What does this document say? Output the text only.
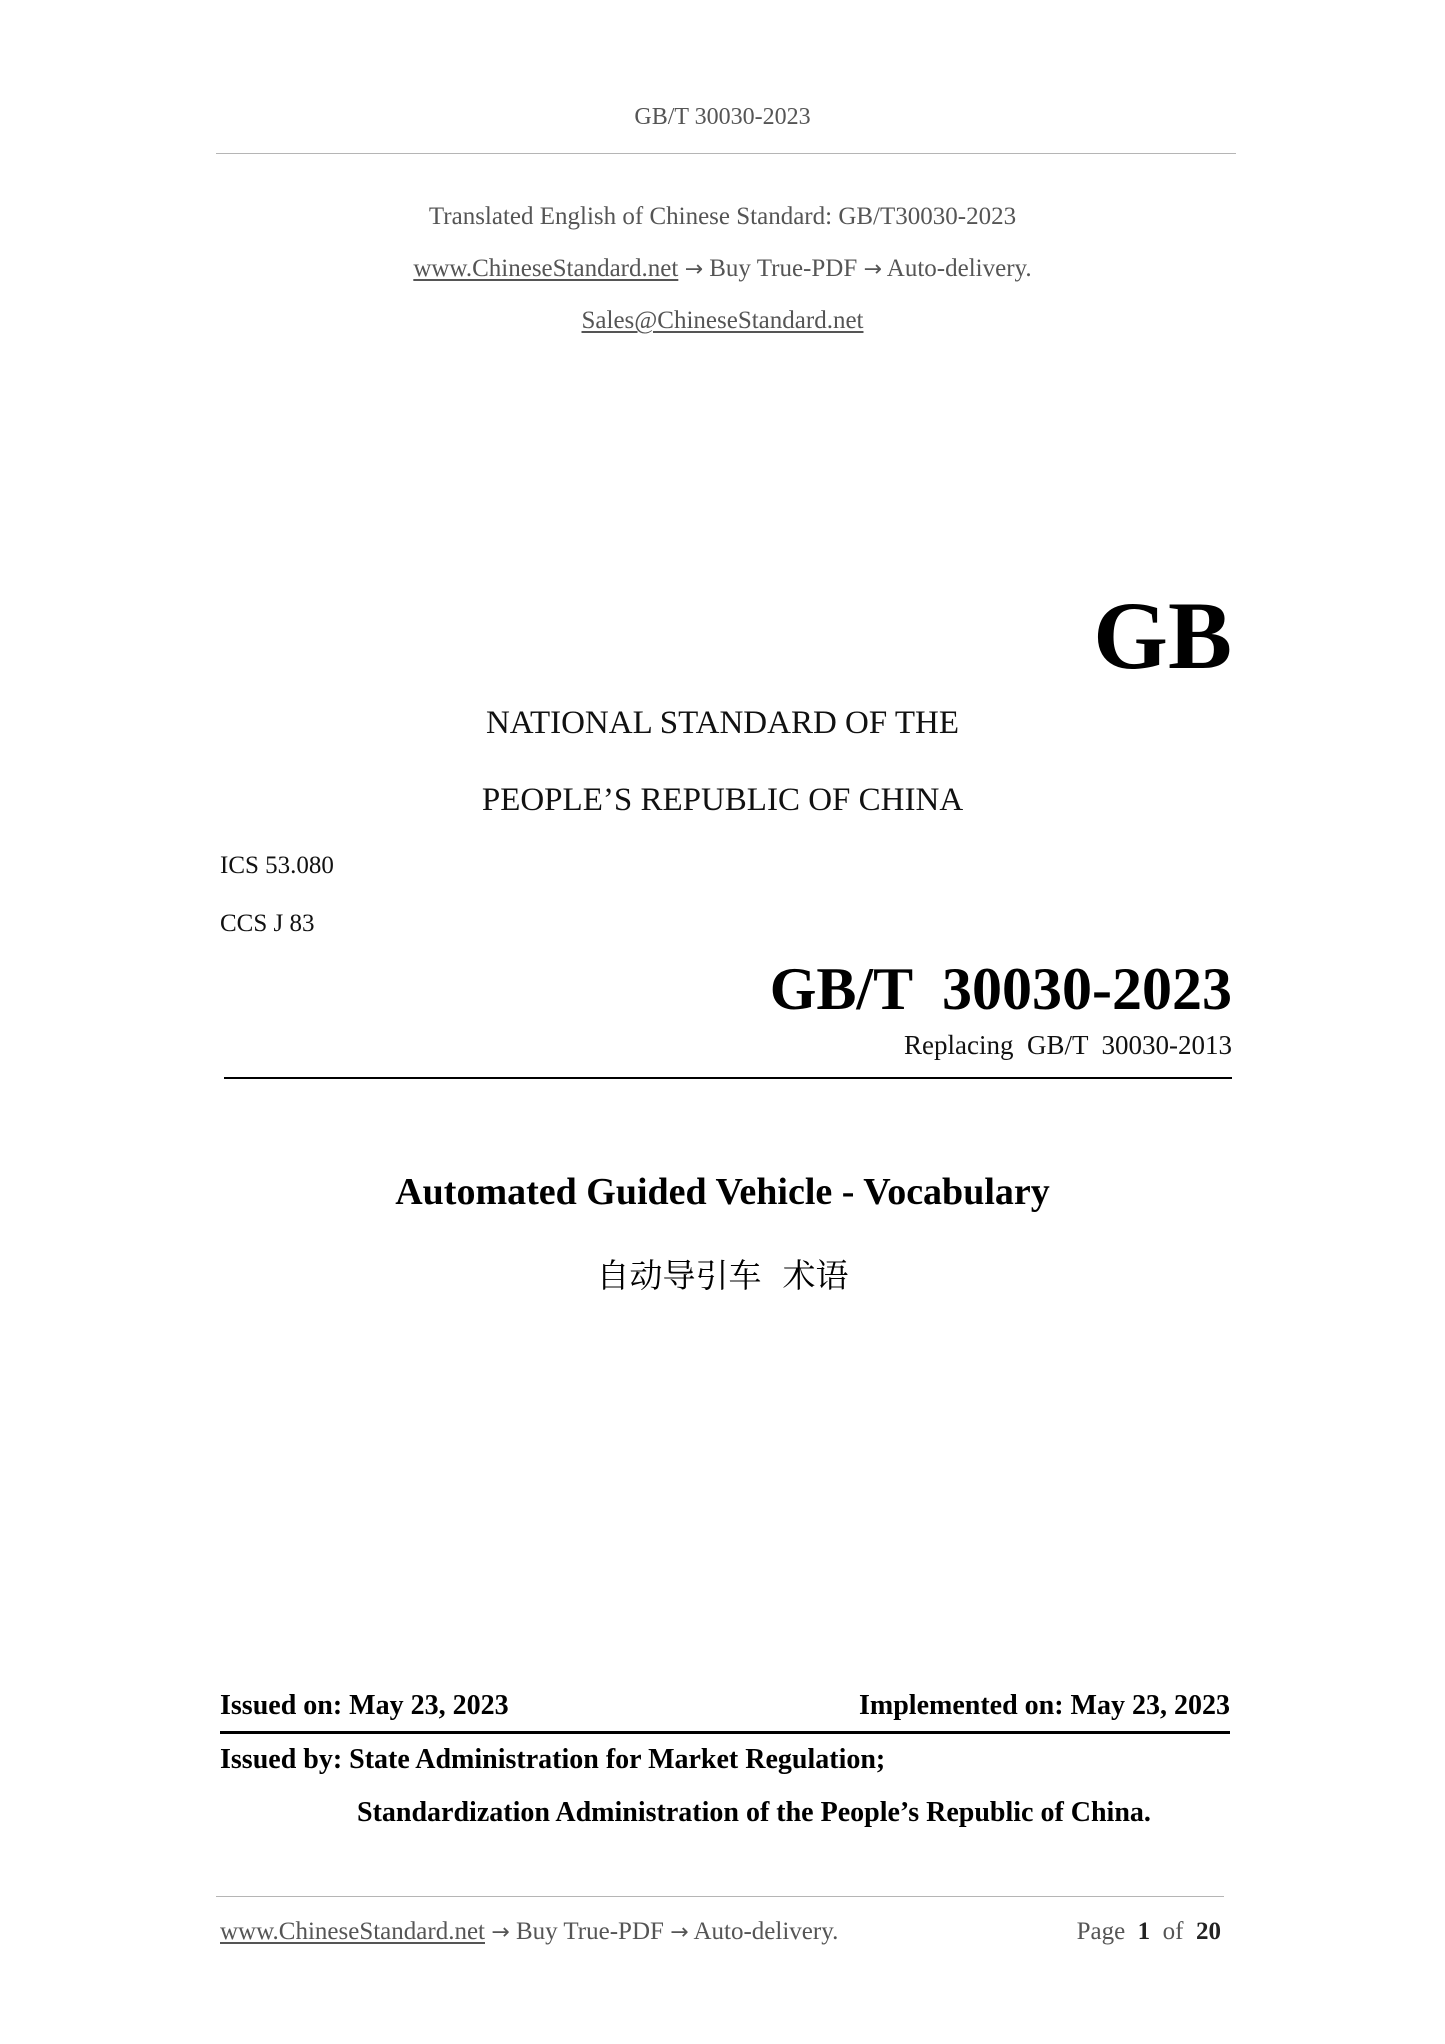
GB/T 30030-2023
Translated English of Chinese Standard: GB/T30030-2023
www.ChineseStandard.net → Buy True-PDF → Auto-delivery.
Sales@ChineseStandard.net
GB
NATIONAL STANDARD OF THE
PEOPLE’S REPUBLIC OF CHINA
ICS 53.080
CCS J 83
GB/T  30030-2023
Replacing  GB/T  30030-2013
Automated Guided Vehicle - Vocabulary
自动导引车  术语
Issued on: May 23, 2023	Implemented on: May 23, 2023
Issued by: State Administration for Market Regulation;
Standardization Administration of the People’s Republic of China.
www.ChineseStandard.net → Buy True-PDF → Auto-delivery.	Page 1 of 20
